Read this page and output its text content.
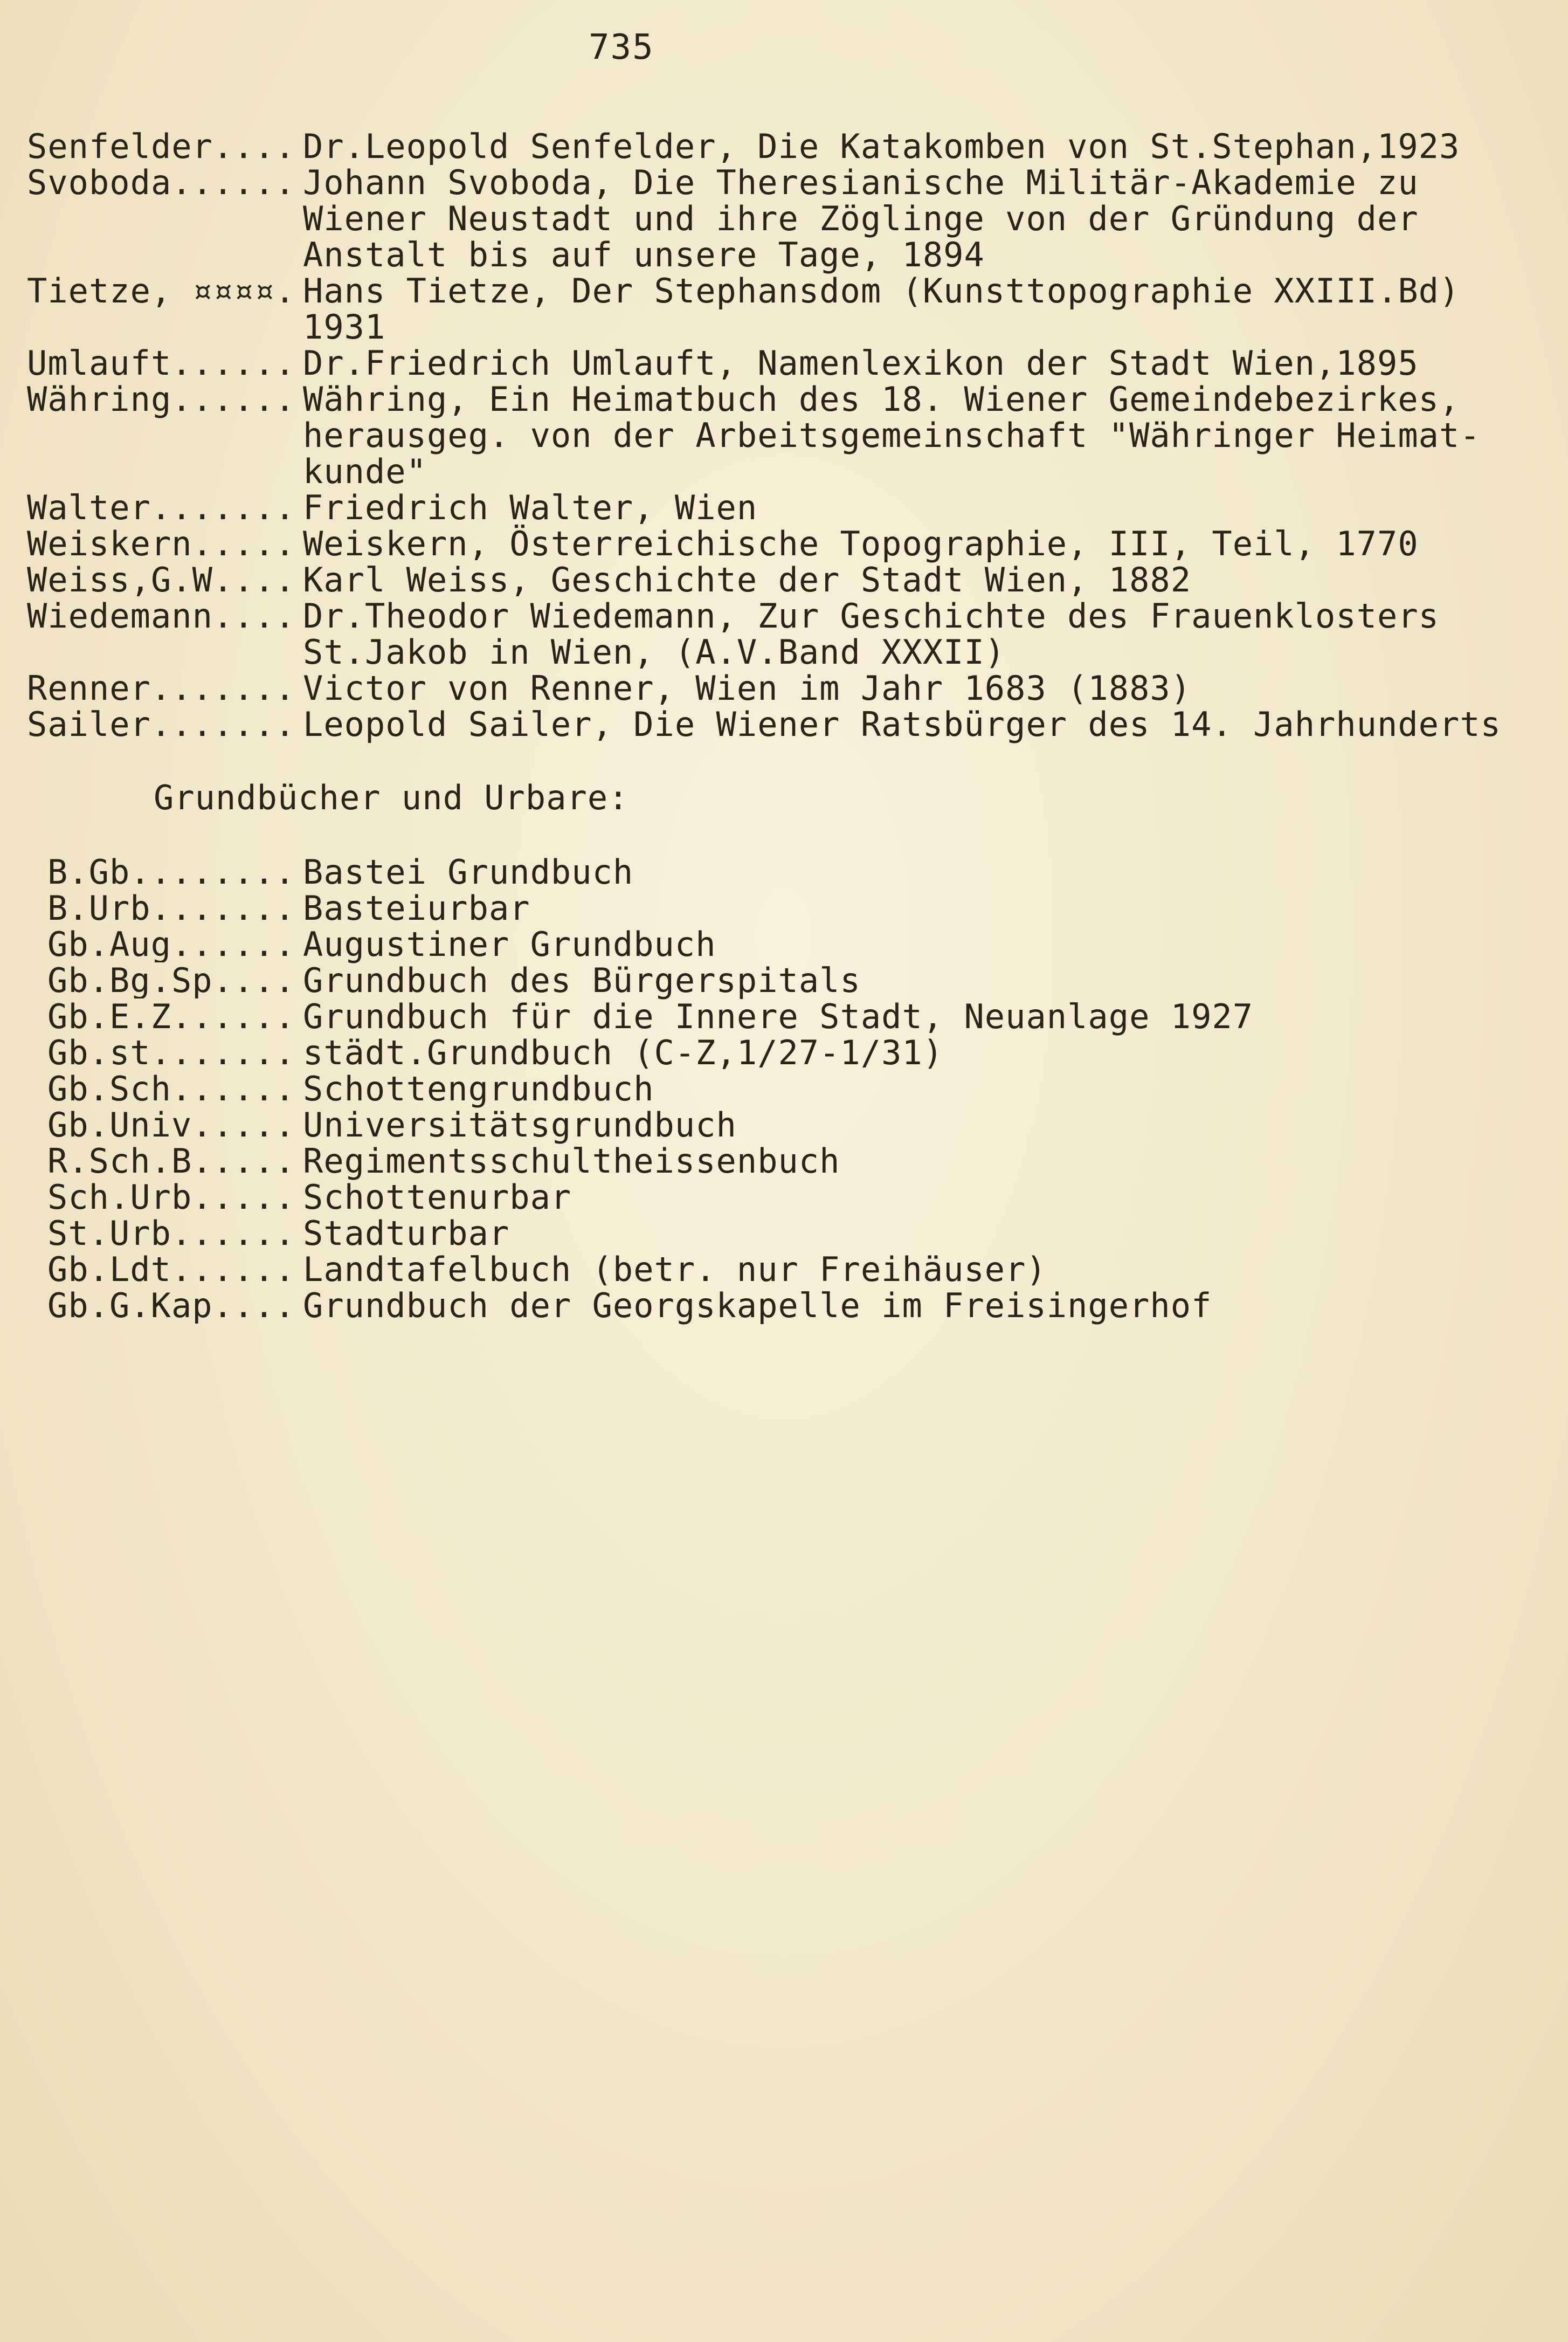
735
Senfelder.... Dr.Leopold Senfelder, Die Katakomben von St.Stephan,1923
Svoboda...... Johann Svoboda, Die Theresianische Militär-Akademie zu
Wiener Neustadt und ihre Zöglinge von der Gründung der
Anstalt bis auf unsere Tage, 1894
Tietze, ¤¤¤¤. Hans Tietze, Der Stephansdom (Kunsttopographie XXIII.Bd)
1931
Umlauft...... Dr.Friedrich Umlauft, Namenlexikon der Stadt Wien,1895
Währing...... Währing, Ein Heimatbuch des 18. Wiener Gemeindebezirkes,
herausgeg. von der Arbeitsgemeinschaft "Währinger Heimat-
kunde"
Walter....... Friedrich Walter, Wien
Weiskern..... Weiskern, Österreichische Topographie, III, Teil, 1770
Weiss,G.W.... Karl Weiss, Geschichte der Stadt Wien, 1882
Wiedemann.... Dr.Theodor Wiedemann, Zur Geschichte des Frauenklosters
St.Jakob in Wien, (A.V.Band XXXII)
Renner....... Victor von Renner, Wien im Jahr 1683 (1883)
Sailer....... Leopold Sailer, Die Wiener Ratsbürger des 14. Jahrhunderts
Grundbücher und Urbare:
B.Gb........ Bastei Grundbuch
B.Urb....... Basteiurbar
Gb.Aug...... Augustiner Grundbuch
Gb.Bg.Sp.... Grundbuch des Bürgerspitals
Gb.E.Z...... Grundbuch für die Innere Stadt, Neuanlage 1927
Gb.st....... städt.Grundbuch (C-Z,1/27-1/31)
Gb.Sch...... Schottengrundbuch
Gb.Univ..... Universitätsgrundbuch
R.Sch.B..... Regimentsschultheissenbuch
Sch.Urb..... Schottenurbar
St.Urb...... Stadturbar
Gb.Ldt...... Landtafelbuch (betr. nur Freihäuser)
Gb.G.Kap.... Grundbuch der Georgskapelle im Freisingerhof
